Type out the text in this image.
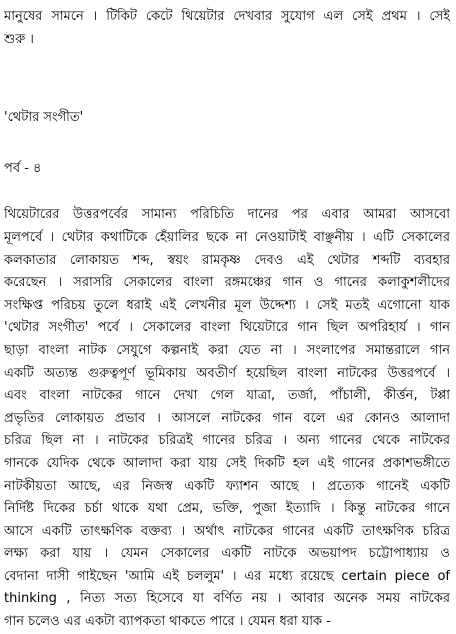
মানুষের সামনে । টিকিট কেটে থিয়েটার দেখবার সুযোগ এল সেই প্রথম । সেই
শুরু ।
'থেটার সংগীত'
পর্ব - ৪
থিয়েটারের উত্তরপর্বের সামান্য পরিচিতি দানের পর এবার আমরা আসবো
মূলপর্বে । থেটার কথাটিকে হেঁয়ালির ছকে না নেওয়াটাই বাঞ্ছনীয় । এটি সেকালের
কলকাতার লোকায়ত শব্দ, স্বয়ং রামকৃষ্ণ দেবও এই থেটার শব্দটি ব্যবহার
করেছেন । সরাসরি সেকালের বাংলা রঙ্গমঞ্চের গান ও গানের কলাকুশলীদের
সংক্ষিপ্ত পরিচয় তুলে ধরাই এই লেখনীর মূল উদ্দেশ্য । সেই মতই এগোনো যাক
'থেটার সংগীত' পর্বে । সেকালের বাংলা থিয়েটারে গান ছিল অপরিহার্য । গান
ছাড়া বাংলা নাটক সেযুগে কল্পনাই করা যেত না । সংলাপের সমান্তরালে গান
একটি অত্যন্ত গুরুত্বপূর্ণ ভূমিকায় অবতীর্ণ হয়েছিল বাংলা নাটকের উত্তরপর্বে ।
এবং বাংলা নাটকের গানে দেখা গেল যাত্রা, তর্জা, পাঁচালী, কীর্ত্তন, টপ্পা
প্রভৃতির লোকায়ত প্রভাব । আসলে নাটকের গান বলে এর কোনও আলাদা
চরিত্র ছিল না । নাটকের চরিত্রই গানের চরিত্র । অন্য গানের থেকে নাটকের
গানকে যেদিক থেকে আলাদা করা যায় সেই দিকটি হল এই গানের প্রকাশভঙ্গীতে
নাটকীয়তা আছে, এর নিজস্ব একটি ফ্যাশন আছে । প্রত্যেক গানেই একটি
নির্দিষ্ট দিকের চর্চা থাকে যথা প্রেম, ভক্তি, পুজা ইত্যাদি । কিন্তু নাটকের গানে
আসে একটি তাৎক্ষণিক বক্তব্য । অর্থাৎ নাটকের গানের একটি তাৎক্ষণিক চরিত্র
লক্ষ্য করা যায় । যেমন সেকালের একটি নাটকে অভয়াপদ চট্টোপাধ্যায় ও
বেদানা দাসী গাইছেন 'আমি এই চললুম' । এর মধ্যে রয়েছে certain piece of
thinking , নিত্য সত্য হিসেবে যা বর্ণিত নয় । আবার অনেক সময় নাটকের
গান চলেও এর একটা ব্যাপকতা থাকতে পারে । যেমন ধরা যাক -
